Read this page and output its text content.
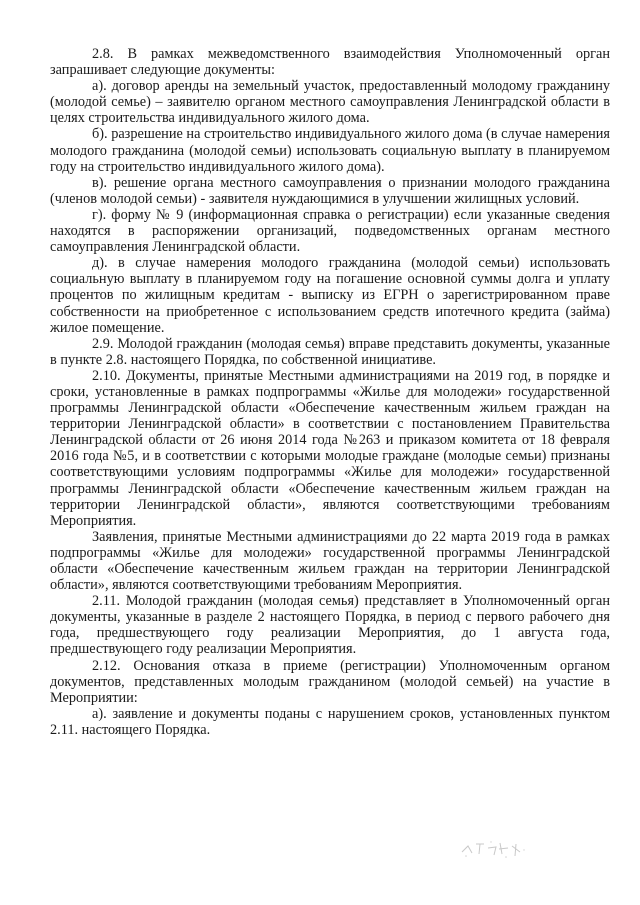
2.8. В рамках межведомственного взаимодействия Уполномоченный орган запрашивает следующие документы:

а). договор аренды на земельный участок, предоставленный молодому гражданину (молодой семье) – заявителю органом местного самоуправления Ленинградской области в целях строительства индивидуального жилого дома.

б). разрешение на строительство индивидуального жилого дома (в случае намерения молодого гражданина (молодой семьи) использовать социальную выплату в планируемом году на строительство индивидуального жилого дома).

в). решение органа местного самоуправления о признании молодого гражданина (членов молодой семьи) - заявителя нуждающимися в улучшении жилищных условий.

г). форму № 9 (информационная справка о регистрации) если указанные сведения находятся в распоряжении организаций, подведомственных органам местного самоуправления Ленинградской области.

д). в случае намерения молодого гражданина (молодой семьи) использовать социальную выплату в планируемом году на погашение основной суммы долга и уплату процентов по жилищным кредитам - выписку из ЕГРН о зарегистрированном праве собственности на приобретенное с использованием средств ипотечного кредита (займа) жилое помещение.

2.9. Молодой гражданин (молодая семья) вправе представить документы, указанные в пункте 2.8. настоящего Порядка, по собственной инициативе.

2.10. Документы, принятые Местными администрациями на 2019 год, в порядке и сроки, установленные в рамках подпрограммы «Жилье для молодежи» государственной программы Ленинградской области «Обеспечение качественным жильем граждан на территории Ленинградской области» в соответствии с постановлением Правительства Ленинградской области от 26 июня 2014 года №263 и приказом комитета от 18 февраля 2016 года №5, и в соответствии с которыми молодые граждане (молодые семьи) признаны соответствующими условиям подпрограммы «Жилье для молодежи» государственной программы Ленинградской области «Обеспечение качественным жильем граждан на территории Ленинградской области», являются соответствующими требованиям Мероприятия.

Заявления, принятые Местными администрациями до 22 марта 2019 года в рамках подпрограммы «Жилье для молодежи» государственной программы Ленинградской области «Обеспечение качественным жильем граждан на территории Ленинградской области», являются соответствующими требованиям Мероприятия.

2.11. Молодой гражданин (молодая семья) представляет в Уполномоченный орган документы, указанные в разделе 2 настоящего Порядка, в период с первого рабочего дня года, предшествующего году реализации Мероприятия, до 1 августа года, предшествующего году реализации Мероприятия.

2.12. Основания отказа в приеме (регистрации) Уполномоченным органом документов, представленных молодым гражданином (молодой семьей) на участие в Мероприятии:

а). заявление и документы поданы с нарушением сроков, установленных пунктом 2.11. настоящего Порядка.
